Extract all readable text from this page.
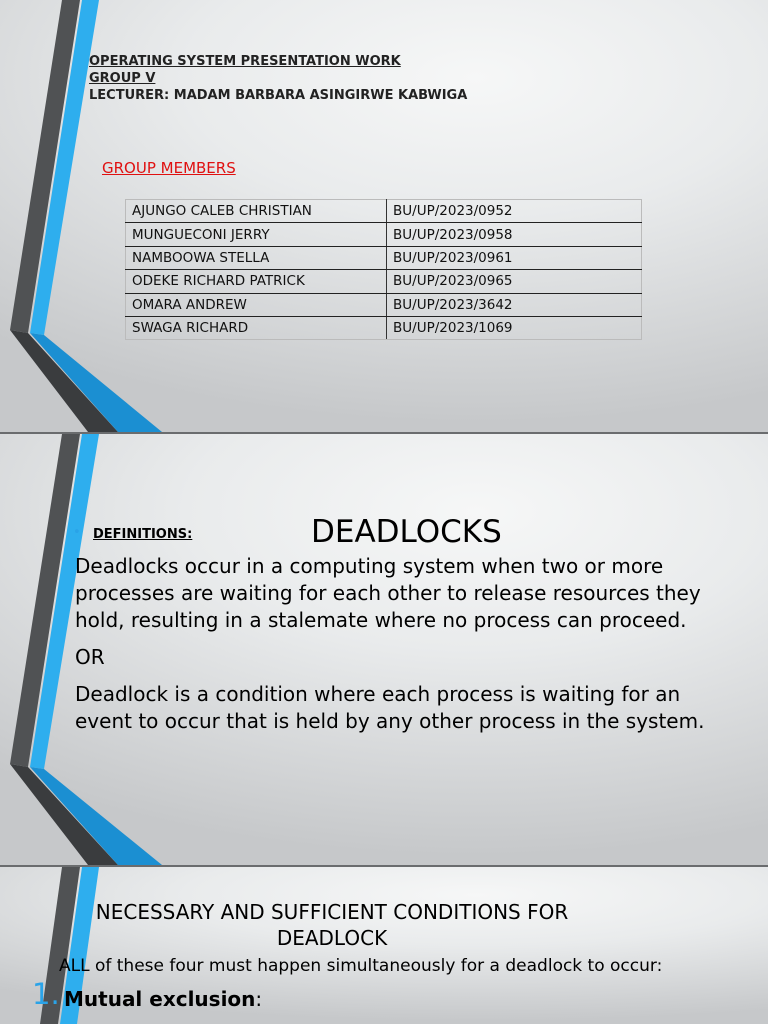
OPERATING SYSTEM PRESENTATION WORK
GROUP V
LECTURER: MADAM BARBARA ASINGIRWE KABWIGA
GROUP MEMBERS
AJUNGO CALEB CHRISTIAN	BU/UP/2023/0952
MUNGUECONI JERRY	BU/UP/2023/0958
NAMBOOWA STELLA	BU/UP/2023/0961
ODEKE RICHARD PATRICK	BU/UP/2023/0965
OMARA ANDREW	BU/UP/2023/3642
SWAGA RICHARD	BU/UP/2023/1069
• DEFINITIONS:	DEADLOCKS

Deadlocks occur in a computing system when two or more processes are waiting for each other to release resources they hold, resulting in a stalemate where no process can proceed.

OR

Deadlock is a condition where each process is waiting for an event to occur that is held by any other process in the system.

NECESSARY AND SUFFICIENT CONDITIONS FOR DEADLOCK
ALL of these four must happen simultaneously for a deadlock to occur:
1. Mutual exclusion:
